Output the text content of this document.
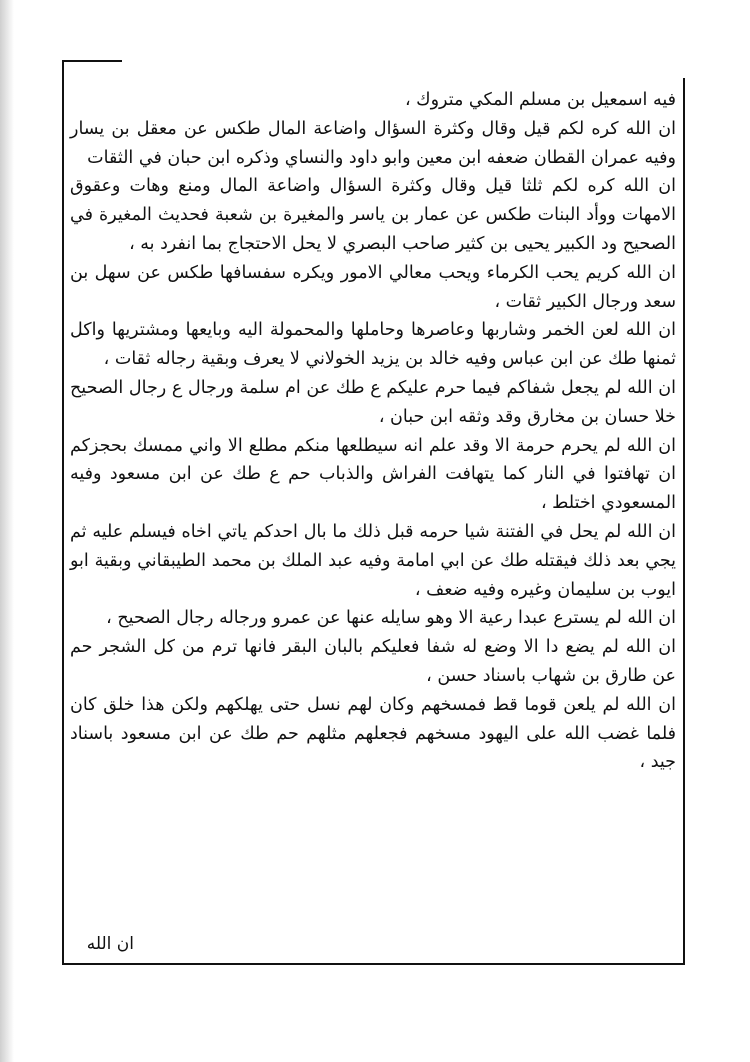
فيه اسمعيل بن مسلم المكي متروك ،

ان الله كره لكم قيل وقال وكثرة السؤال واضاعة المال طكس عن معقل بن يسار وفيه عمران القطان ضعفه ابن معين وابو داود والنساي وذكره ابن حبان في الثقات

ان الله كره لكم ثلثا قيل وقال وكثرة السؤال واضاعة المال ومنع وهات وعقوق الامهات ووأد البنات طكس عن عمار بن ياسر والمغيرة بن شعبة فحديث المغيرة في الصحيح ود الكبير يحيى بن كثير صاحب البصري لا يحل الاحتجاج بما انفرد به ،

ان الله كريم يحب الكرماء ويحب معالي الامور ويكره سفسافها طكس عن سهل بن سعد ورجال الكبير ثقات ،

ان الله لعن الخمر وشاربها وعاصرها وحاملها والمحمولة اليه وبايعها ومشتريها واكل ثمنها طك عن ابن عباس وفيه خالد بن يزيد الخولاني لا يعرف وبقية رجاله ثقات ،

ان الله لم يجعل شفاكم فيما حرم عليكم ع طك عن ام سلمة ورجال ع رجال الصحيح خلا حسان بن مخارق وقد وثقه ابن حبان ،

ان الله لم يحرم حرمة الا وقد علم انه سيطلعها منكم مطلع الا واني ممسك بحجزكم ان تهافتوا في النار كما يتهافت الفراش والذباب حم ع طك عن ابن مسعود وفيه المسعودي اختلط ،

ان الله لم يحل في الفتنة شيا حرمه قبل ذلك ما بال احدكم ياتي اخاه فيسلم عليه ثم يجي بعد ذلك فيقتله طك عن ابي امامة وفيه عبد الملك بن محمد الطيبقاني وبقية ابو ايوب بن سليمان وغيره وفيه ضعف ،

ان الله لم يسترع عبدا رعية الا وهو سايله عنها عن عمرو ورجاله رجال الصحيح ،

ان الله لم يضع دا الا وضع له شفا فعليكم بالبان البقر فانها ترم من كل الشجر حم عن طارق بن شهاب باسناد حسن ،

ان الله لم يلعن قوما قط فمسخهم وكان لهم نسل حتى يهلكهم ولكن هذا خلق كان فلما غضب الله على اليهود مسخهم فجعلهم مثلهم حم طك عن ابن مسعود باسناد جيد ،

ان الله
